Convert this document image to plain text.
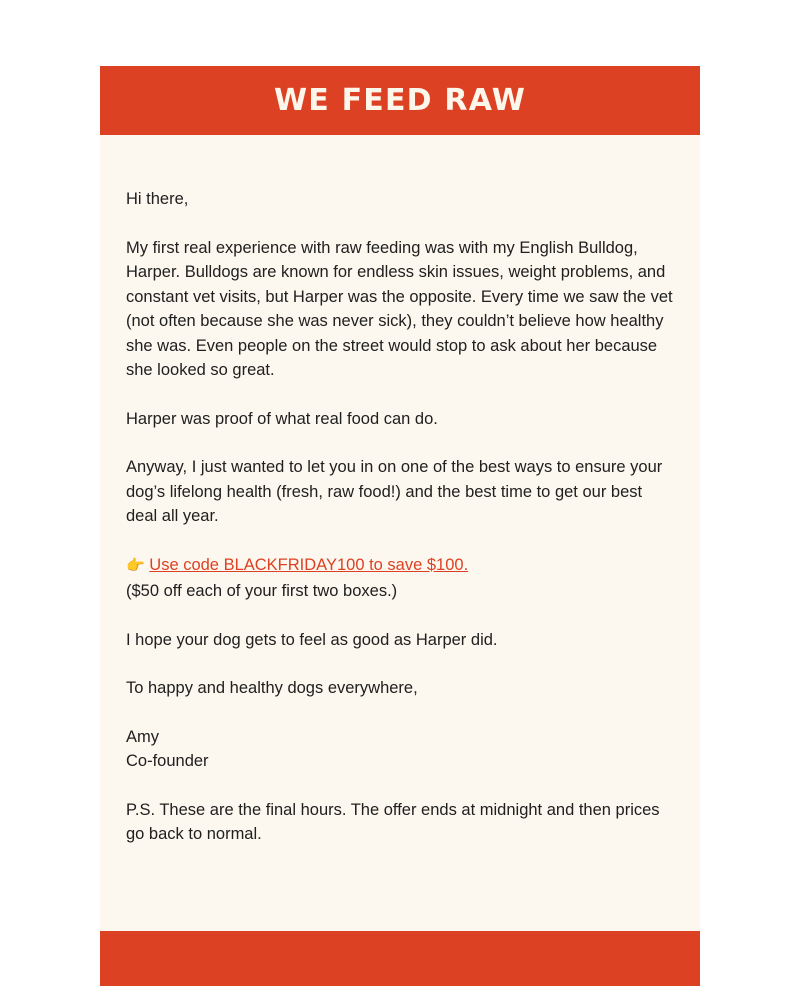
WE FEED RAW

Hi there,

My first real experience with raw feeding was with my English Bulldog, Harper. Bulldogs are known for endless skin issues, weight problems, and constant vet visits, but Harper was the opposite. Every time we saw the vet (not often because she was never sick), they couldn’t believe how healthy she was. Even people on the street would stop to ask about her because she looked so great.

Harper was proof of what real food can do.

Anyway, I just wanted to let you in on one of the best ways to ensure your dog’s lifelong health (fresh, raw food!) and the best time to get our best deal all year.

👉 Use code BLACKFRIDAY100 to save $100.

($50 off each of your first two boxes.)

I hope your dog gets to feel as good as Harper did.

To happy and healthy dogs everywhere,

Amy

Co-founder

P.S. These are the final hours. The offer ends at midnight and then prices go back to normal.
